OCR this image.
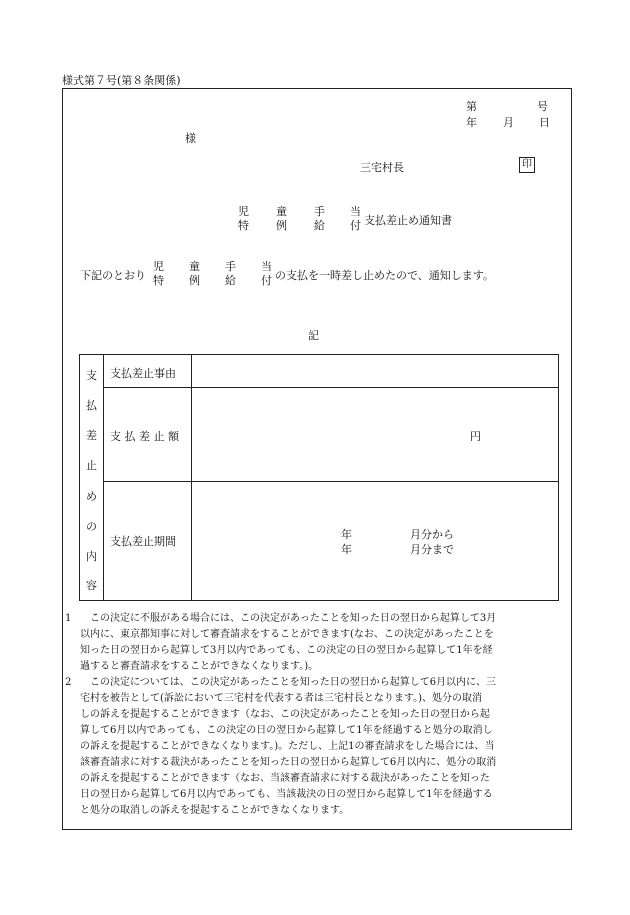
様式第７号(第８条関係)
第	号
年 月 日
様
三宅村長	印
児
特
童
例
手
給
当
付 支払差止め通知書
下記のとおり
児
特
童
例
手
給
当
付 の支払を一時差し止めたので、通知します。
記
支
払
差
止
め
の
内
容
支払差止事由
支 払 差 止 額	円
支払差止期間
年	月分から
年	月分まで
1	この決定に不服がある場合には、この決定があったことを知った日の翌日から起算して3月
以内に、東京都知事に対して審査請求をすることができます(なお、この決定があったことを
知った日の翌日から起算して3月以内であっても、この決定の日の翌日から起算して1年を経
過すると審査請求をすることができなくなります。)。
2	この決定については、この決定があったことを知った日の翌日から起算して6月以内に、三
宅村を被告として(訴訟において三宅村を代表する者は三宅村長となります。)、処分の取消
しの訴えを提起することができます（なお、この決定があったことを知った日の翌日から起
算して6月以内であっても、この決定の日の翌日から起算して1年を経過すると処分の取消し
の訴えを提起することができなくなります。)。ただし、上記1の審査請求をした場合には、当
該審査請求に対する裁決があったことを知った日の翌日から起算して6月以内に、処分の取消
の訴えを提起することができます（なお、当該審査請求に対する裁決があったことを知った
日の翌日から起算して6月以内であっても、当該裁決の日の翌日から起算して1年を経過する
と処分の取消しの訴えを提起することができなくなります。
